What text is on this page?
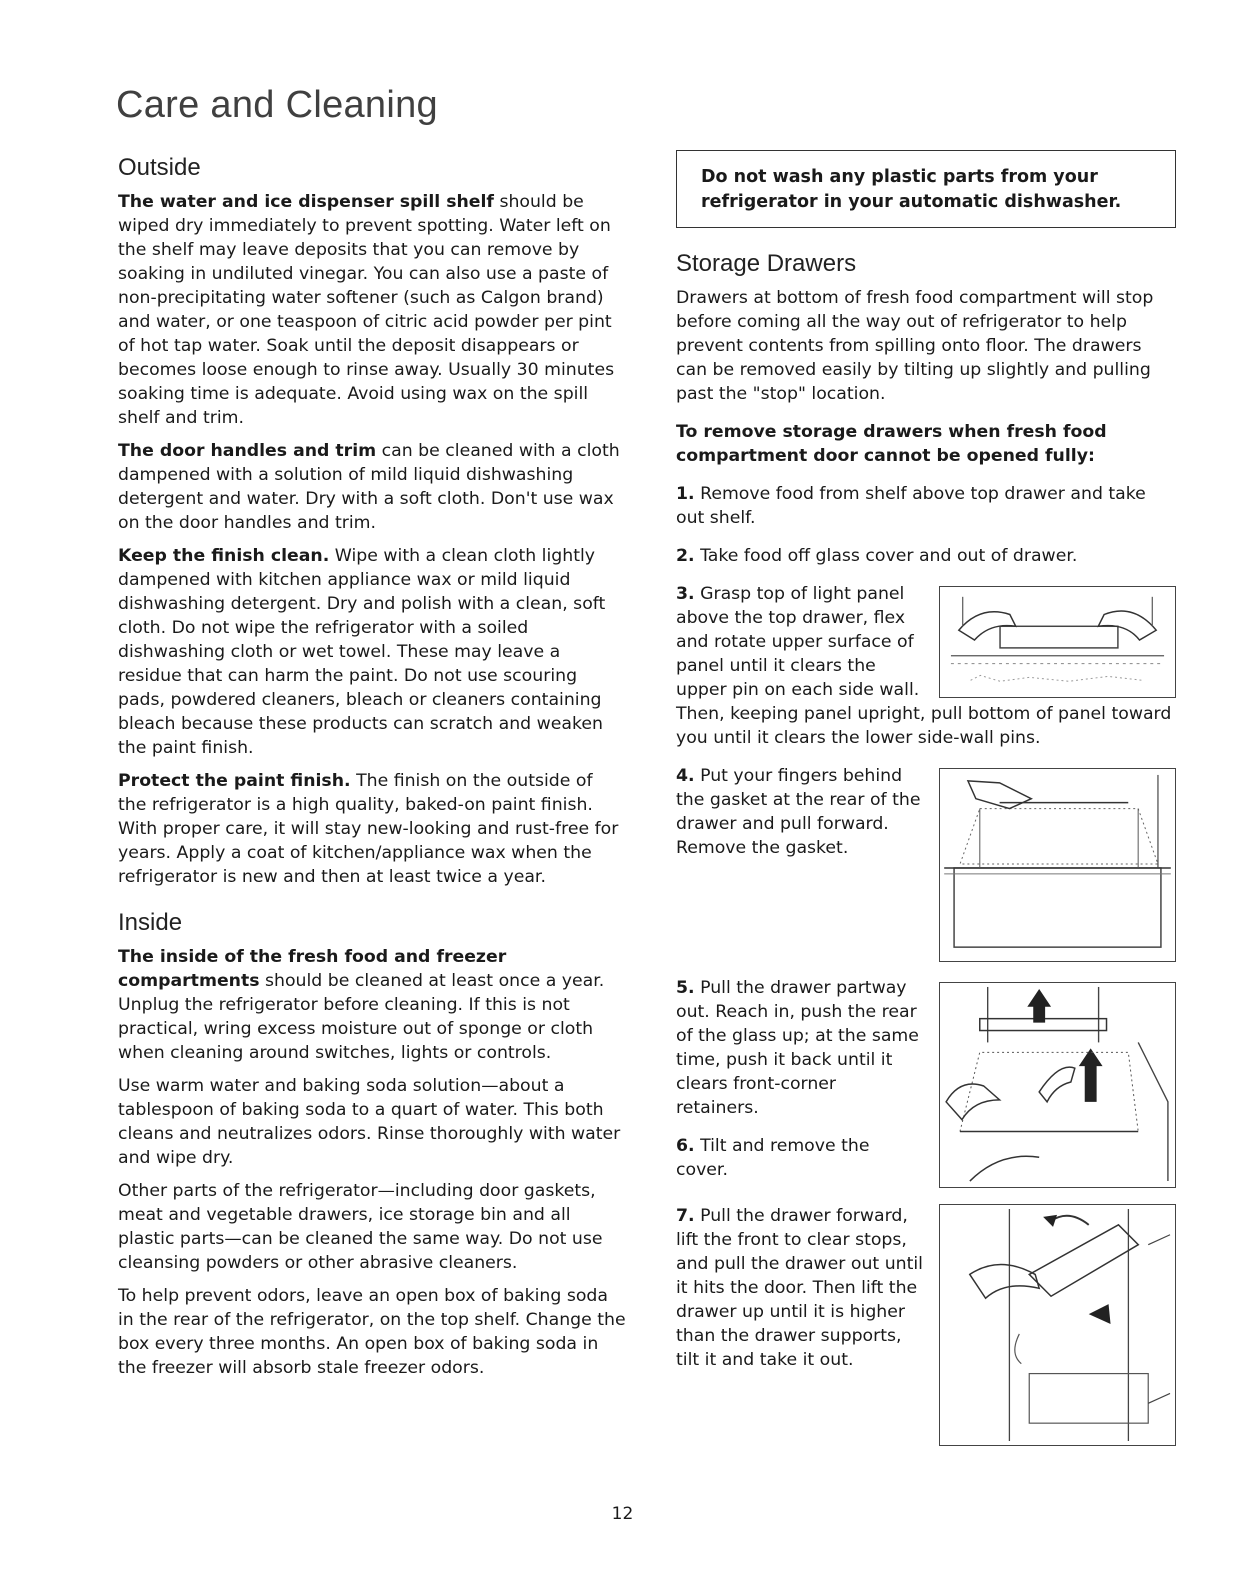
Care and Cleaning
Outside

The water and ice dispenser spill shelf should be wiped dry immediately to prevent spotting. Water left on the shelf may leave deposits that you can remove by soaking in undiluted vinegar. You can also use a paste of non-precipitating water softener (such as Calgon brand) and water, or one teaspoon of citric acid powder per pint of hot tap water. Soak until the deposit disappears or becomes loose enough to rinse away. Usually 30 minutes soaking time is adequate. Avoid using wax on the spill shelf and trim.

The door handles and trim can be cleaned with a cloth dampened with a solution of mild liquid dishwashing detergent and water. Dry with a soft cloth. Don't use wax on the door handles and trim.

Keep the finish clean. Wipe with a clean cloth lightly dampened with kitchen appliance wax or mild liquid dishwashing detergent. Dry and polish with a clean, soft cloth. Do not wipe the refrigerator with a soiled dishwashing cloth or wet towel. These may leave a residue that can harm the paint. Do not use scouring pads, powdered cleaners, bleach or cleaners containing bleach because these products can scratch and weaken the paint finish.

Protect the paint finish. The finish on the outside of the refrigerator is a high quality, baked-on paint finish. With proper care, it will stay new-looking and rust-free for years. Apply a coat of kitchen/appliance wax when the refrigerator is new and then at least twice a year.

Inside

The inside of the fresh food and freezer compartments should be cleaned at least once a year. Unplug the refrigerator before cleaning. If this is not practical, wring excess moisture out of sponge or cloth when cleaning around switches, lights or controls.

Use warm water and baking soda solution—about a tablespoon of baking soda to a quart of water. This both cleans and neutralizes odors. Rinse thoroughly with water and wipe dry.

Other parts of the refrigerator—including door gaskets, meat and vegetable drawers, ice storage bin and all plastic parts—can be cleaned the same way. Do not use cleansing powders or other abrasive cleaners.

To help prevent odors, leave an open box of baking soda in the rear of the refrigerator, on the top shelf. Change the box every three months. An open box of baking soda in the freezer will absorb stale freezer odors.

Do not wash any plastic parts from your refrigerator in your automatic dishwasher.
Storage Drawers

Drawers at bottom of fresh food compartment will stop before coming all the way out of refrigerator to help prevent contents from spilling onto floor. The drawers can be removed easily by tilting up slightly and pulling past the "stop" location.

To remove storage drawers when fresh food compartment door cannot be opened fully:

1. Remove food from shelf above top drawer and take out shelf.
2. Take food off glass cover and out of drawer.
3. Grasp top of light panel above the top drawer, flex and rotate upper surface of panel until it clears the upper pin on each side wall. Then, keeping panel upright, pull bottom of panel toward you until it clears the lower side-wall pins.
4. Put your fingers behind the gasket at the rear of the drawer and pull forward. Remove the gasket.
5. Pull the drawer partway out. Reach in, push the rear of the glass up; at the same time, push it back until it clears front-corner retainers.
6. Tilt and remove the cover.
7. Pull the drawer forward, lift the front to clear stops, and pull the drawer out until it hits the door. Then lift the drawer up until it is higher than the drawer supports, tilt it and take it out.
12
